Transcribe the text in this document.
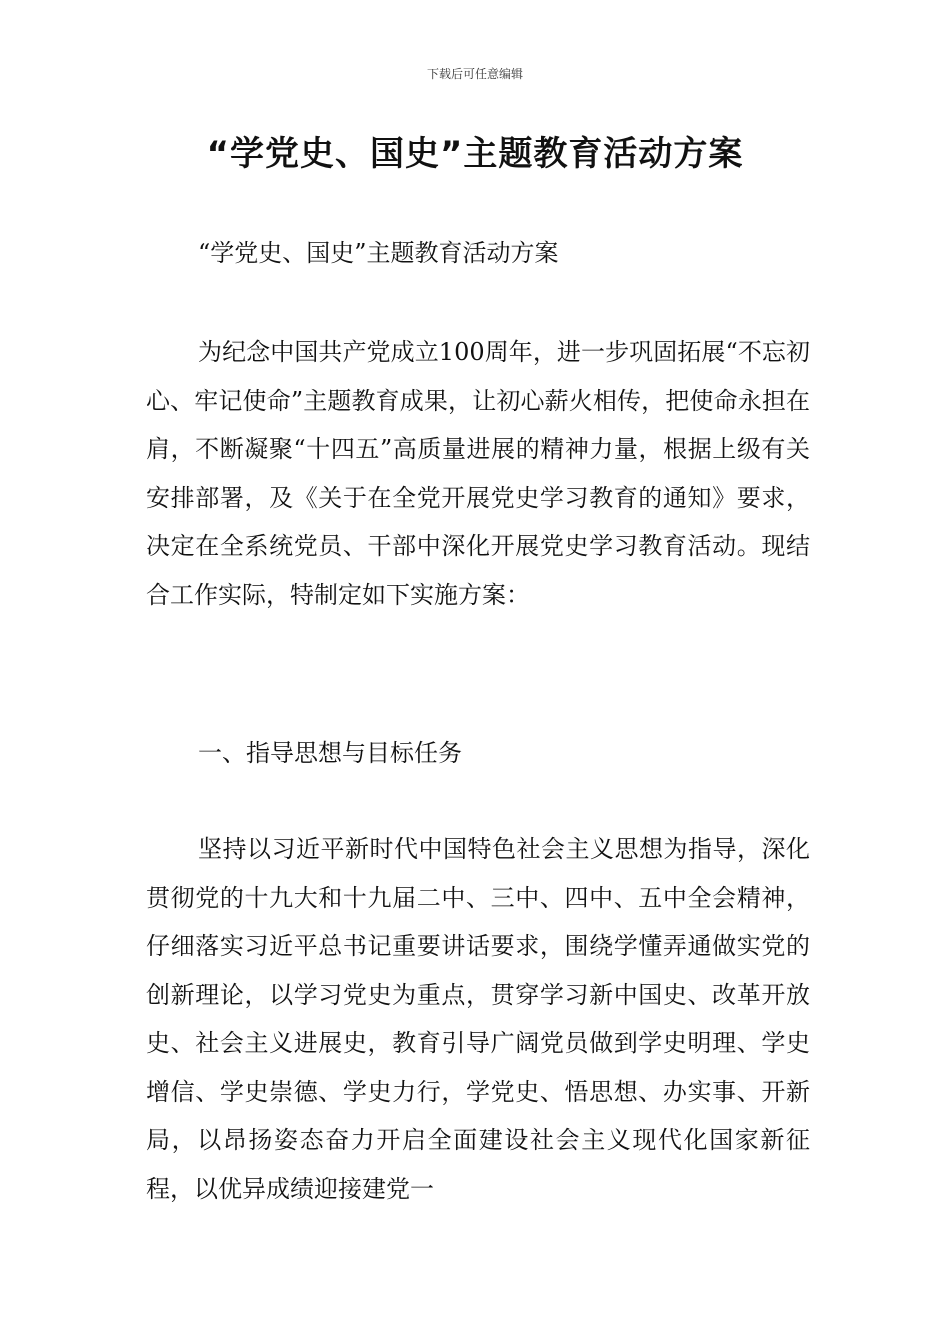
下载后可任意编辑
“学党史、国史”主题教育活动方案
“学党史、国史”主题教育活动方案

为纪念中国共产党成立100周年，进一步巩固拓展“不忘初心、牢记使命”主题教育成果，让初心薪火相传，把使命永担在肩，不断凝聚“十四五”高质量进展的精神力量，根据上级有关安排部署，及《关于在全党开展党史学习教育的通知》要求，决定在全系统党员、干部中深化开展党史学习教育活动。现结合工作实际，特制定如下实施方案：

一、指导思想与目标任务

坚持以习近平新时代中国特色社会主义思想为指导，深化贯彻党的十九大和十九届二中、三中、四中、五中全会精神，仔细落实习近平总书记重要讲话要求，围绕学懂弄通做实党的创新理论，以学习党史为重点，贯穿学习新中国史、改革开放史、社会主义进展史，教育引导广阔党员做到学史明理、学史增信、学史崇德、学史力行，学党史、悟思想、办实事、开新局，以昂扬姿态奋力开启全面建设社会主义现代化国家新征程，以优异成绩迎接建党一
